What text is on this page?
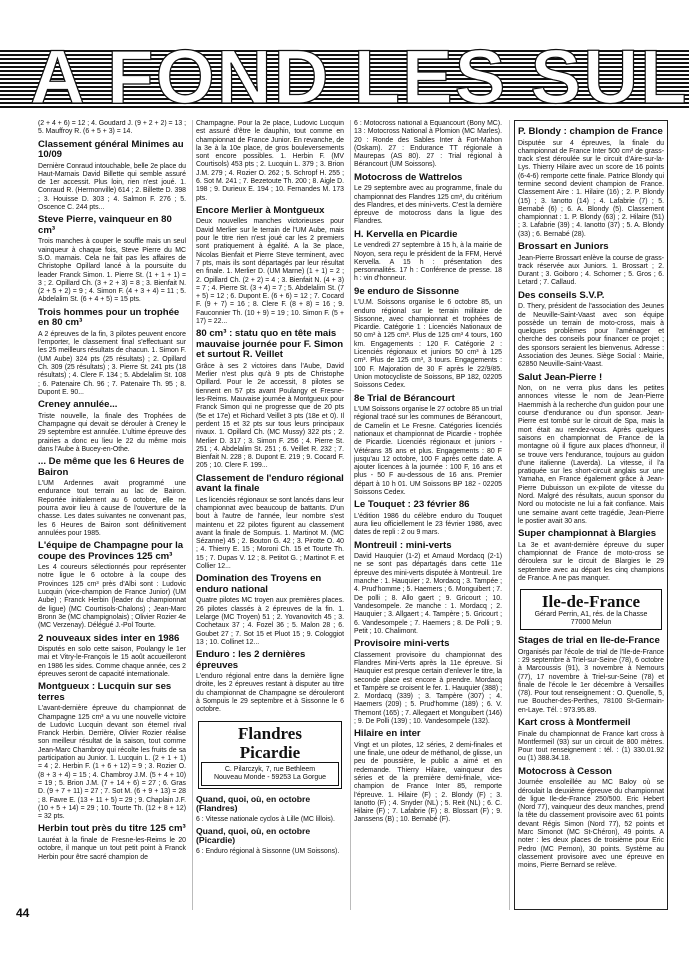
A FOND LES SUL

(2 + 4 + 6) = 12 ; 4. Goudard J. (9 + 2 + 2) = 13 ; 5. Mauffroy R. (6 + 5 + 3) = 14.

Classement général Minimes au 10/09

Dernière Conraud intouchable, belle 2e place du Haut-Marnais David Billette qui semble assuré de 1er accessit. Plus loin, rien n'est joué. 1. Conraud R. (Hermonville) 614 ; 2. Billette D. 398 ; 3. Houisse D. 303 ; 4. Salmon F. 276 ; 5. Oscence C. 244 pts...

Steve Pierre, vainqueur en 80 cm³

Trois manches à couper le souffle mais un seul vainqueur à chaque fois, Steve Pierre du MC S.O. marnais. Cela ne fait pas les affaires de Christophe Opillard lancé à la poursuite du leader Franck Simon. 1. Pierre St. (1 + 1 + 1) = 3 ; 2. Opillard Ch. (3 + 2 + 3) = 8 ; 3. Bienfait N. (2 + 5 + 2) = 9 ; 4. Simon F. (4 + 3 + 4) = 11 ; 5. Abdelalim St. (6 + 4 + 5) = 15 pts.

Trois hommes pour un trophée en 80 cm³

A 2 épreuves de la fin, 3 pilotes peuvent encore l'emporter, le classement final s'effectuant sur les 25 meilleurs résultats de chacun. 1. Simon F. (UM Aube) 324 pts (25 résultats) ; 2. Opillard Ch. 309 (25 résultats) ; 3. Pierre St. 241 pts (18 résultats) ; 4. Clere F. 134 ; 5. Abdelalim St. 108 ; 6. Patenaire Ch. 96 ; 7. Patenaire Th. 95 ; 8. Dupont E. 90...

Creney annulée...

Triste nouvelle, la finale des Trophées de Champagne qui devait se dérouler à Creney le 29 septembre est annulée. L'ultime épreuve des prairies a donc eu lieu le 22 du même mois dans l'Aube à Bucey-en-Othe.

... De même que les 6 Heures de Bairon

L'UM Ardennes avait programmé une endurance tout terrain au lac de Bairon. Reportée initialement au 6 octobre, elle ne pourra avoir lieu à cause de l'ouverture de la chasse. Les dates suivantes ne convenant pas, les 6 Heures de Bairon sont définitivement annulées pour 1985.

L'équipe de Champagne pour la coupe des Provinces 125 cm³

Les 4 coureurs sélectionnés pour représenter notre ligue le 6 octobre à la coupe des Provinces 125 cm³ près d'Albi sont : Ludovic Lucquin (vice-champion de France Junior) (UM Aube) ; Franck Herbin (leader du championnat de ligue) (MC Courtisols-Chalons) ; Jean-Marc Bronn 3e (MC champignolais) ; Olivier Rozier 4e (MC Verzenay). Délégué J.-Pol Tourte.

2 nouveaux sides inter en 1986

Disputés en solo cette saison, Poulangy le 1er mai et Vitry-le-François le 15 août accueilleront en 1986 les sides. Comme chaque année, ces 2 épreuves seront de capacité internationale.

Montgueux : Lucquin sur ses terres

L'avant-dernière épreuve du championnat de Champagne 125 cm³ a vu une nouvelle victoire de Ludovic Lucquin devant son éternel rival Franck Herbin. Derrière, Olivier Rozier réalise son meilleur résultat de la saison, tout comme Jean-Marc Chambroy qui récolte les fruits de sa participation au Junior. 1. Lucquin L. (2 + 1 + 1) = 4 ; 2. Herbin F. (1 + 6 + 12) = 9 ; 3. Rozier O. (8 + 3 + 4) = 15 ; 4. Chambroy J.M. (5 + 4 + 10) = 19 ; 5. Brion J.M. (7 + 14 + 6) = 27 ; 6. Gras D. (9 + 7 + 11) = 27 ; 7. Sot M. (6 + 9 + 13) = 28 ; 8. Favre E. (13 + 11 + 5) = 29 ; 9. Chaplain J.F. (10 + 5 + 14) = 29 ; 10. Tourte Th. (12 + 8 + 12) = 32 pts.

Herbin tout près du titre 125 cm³

Lauréat à la finale de Fresne-les-Reims le 20 octobre, il manque un tout petit point à Franck Herbin pour être sacré champion de

Champagne. Pour la 2e place, Ludovic Lucquin est assuré d'être le dauphin, tout comme en championnat de France Junior. En revanche, de la 3e à la 10e place, de gros bouleversements sont encore possibles. 1. Herbin F. (MV Courtisols) 453 pts ; 2. Lucquin L. 379 ; 3. Brion J.M. 279 ; 4. Rozier O. 262 ; 5. Schropf H. 255 ; 6. Sot M. 241 ; 7. Bezetoute Th. 200 ; 8. Aigle D. 198 ; 9. Durieux E. 194 ; 10. Fernandes M. 173 pts.

Encore Merlier à Montgueux

Deux nouvelles manches victorieuses pour David Merlier sur le terrain de l'UM Aube, mais pour le titre rien n'est joué car les 2 premiers sont pratiquement à égalité. A la 3e place, Nicolas Bienfait et Pierre Steve terminent, avec 7 pts, mais ils sont départagés par leur résultat en finale. 1. Merlier D. (UM Marne) (1 + 1) = 2 ; 2. Opillard Ch. (2 + 2) = 4 ; 3. Bienfait N. (4 + 3) = 7 ; 4. Pierre St. (3 + 4) = 7 ; 5. Abdelalim St. (7 + 5) = 12 ; 6. Dupont E. (6 + 6) = 12 ; 7. Cocard F. (9 + 7) = 16 ; 8. Clere F. (8 + 8) = 16 ; 9. Fauconnier Th. (10 + 9) = 19 ; 10. Simon F. (5 + 17) = 22...

80 cm³ : statu quo en tête mais mauvaise journée pour F. Simon et surtout R. Veillet

Grâce à ses 2 victoires dans l'Aube, David Merlier n'est plus qu'à 9 pts de Christophe Opillard. Pour le 2e accessit, 8 pilotes se tiennent en 57 pts avant Poulangy et Fresne-les-Reims. Mauvaise journée à Montgueux pour Franck Simon qui ne progresse que de 20 pts (5e et 17e) et Richard Veillet 3 pts (18e et 0). Il perdent 15 et 32 pts sur tous leurs principaux rivaux. 1. Opillard Ch. (MC Mussy) 322 pts ; 2. Merlier D. 317 ; 3. Simon F. 256 ; 4. Pierre St. 251 ; 4. Abdelalim St. 251 ; 6. Veillet R. 232 ; 7. Bienfait N. 228 ; 8. Dupont E. 219 ; 9. Cocard F. 205 ; 10. Clere F. 199...

Classement de l'enduro régional avant la finale

Les licenciés régionaux se sont lancés dans leur championnat avec beaucoup de battants. D'un bout à l'autre de l'année, leur nombre s'est maintenu et 22 pilotes figurent au classement avant la finale de Sompuis. 1. Martinot M. (MC Sézanne) 45 ; 2. Bouton G. 42 ; 3. Pirotte O. 40 ; 4. Thierry E. 15 ; Moroni Ch. 15 et Tourte Th. 15 ; 7. Dupas V. 12 ; 8. Petitot G. ; Martinot F. et Collier 12...

Domination des Troyens en enduro national

Quatre pilotes MC troyen aux premières places. 26 pilotes classés à 2 épreuves de la fin. 1. Lelarge (MC Troyen) 51 ; 2. Yovanovitch 45 ; 3. Cochetaux 37 ; 4. Fozel 36 ; 5. Malon 28 ; 6. Goubet 27 ; 7. Sot 15 et Pluot 15 ; 9. Cologgiot 13 ; 10. Collinet 12...

Enduro : les 2 dernières épreuves

L'enduro régional entre dans la dernière ligne droite, les 2 épreuves restant à disputer au titre du championnat de Champagne se dérouleront à Sompuis le 29 septembre et à Sissonne le 6 octobre.

Flandres
Picardie
C. Pilarczyk, 7, rue Bethleem
Nouveau Monde - 59253 La Gorgue
Quand, quoi, où, en octobre (Flandres)

6 : Vitesse nationale cyclos à Lille (MC lillois).

Quand, quoi, où, en octobre (Picardie)

6 : Enduro régional à Sissonne (UM Soissons).

6 : Motocross national à Equancourt (Bony MC). 13 : Motocross National à Plomion (MC Marles). 20 : Ronde des Sables Inter à Fort-Mahon (Oskam). 27 : Endurance TT régionale à Maurepas (AS 80). 27 : Trial régional à Bérancourt (UM Soissons).

Motocross de Wattrelos

Le 29 septembre avec au programme, finale du championnat des Flandres 125 cm³, du critérium des Flandres, et des mini-verts. C'est la dernière épreuve de motocross dans la ligue des Flandres.

H. Kervella en Picardie

Le vendredi 27 septembre à 15 h, à la mairie de Noyon, sera reçu le président de la FFM, Hervé Kervella. A 15 h : présentation des personnalités. 17 h : Conférence de presse. 18 h : vin d'honneur.

9e enduro de Sissonne

L'U.M. Soissons organise le 6 octobre 85, un enduro régional sur le terrain militaire de Sissonne, avec championnat et trophées de Picardie. Catégorie 1 : Licenciés Nationaux de 50 cm³ à 125 cm³. Plus de 125 cm³ 4 tours, 160 km. Engagements : 120 F. Catégorie 2 : Licenciés régionaux et juniors 50 cm³ à 125 cm³. Plus de 125 cm³, 3 tours. Engagements : 100 F. Majoration de 30 F après le 22/9/85. Union motocycliste de Soissons, BP 182, 02205 Soissons Cedex.

8e Trial de Bérancourt

L'UM Soissons organise le 27 octobre 85 un trial régional tracé sur les communes de Bérancourt, de Camelin et Le Fresne. Catégories licenciés nationaux et championnat de Picardie - trophée de Picardie. Licenciés régionaux et juniors - Vétérans 35 ans et plus. Engagements : 80 F jusqu'au 12 octobre, 100 F après cette date. A ajouter licences à la journée : 100 F, 16 ans et plus - 50 F au-dessous de 16 ans. Premier départ à 10 h 01. UM Soissons BP 182 - 02205 Soissons Cedex.

Le Touquet : 23 février 86

L'édition 1986 du célèbre enduro du Touquet aura lieu officiellement le 23 février 1986, avec dates de repli : 2 ou 9 mars.

Montreuil : mini-verts

David Hauquier (1-2) et Arnaud Mordacq (2-1) ne se sont pas départagés dans cette 11e épreuve des mini-verts disputée à Montreuil. 1re manche : 1. Hauquier ; 2. Mordacq ; 3. Tampée ; 4. Prud'homme ; 5. Haemers ; 6. Monguibert ; 7. De polli ; 8. Allo gaert ; 9. Gricourt ; 10. Vandesompele. 2e manche : 1. Mordacq ; 2. Hauquier ; 3. Allgaert ; 4. Tampère ; 5. Gricourt ; 6. Vandesompele ; 7. Haemers ; 8. De Polli ; 9. Petit ; 10. Chalimont.

Provisoire mini-verts

Classement provisoire du championnat des Flandres Mini-Verts après la 11e épreuve. Si Hauquier est presque certain d'enlever le titre, la seconde place est encore à prendre. Mordacq et Tampère se croisent le fer. 1. Hauquier (388) ; 2. Mordacq (339) ; 3. Tampère (307) ; 4. Haemers (209) ; 5. Prud'homme (189) ; 6. V. Themont (165) ; 7. Allegaert et Monguibert (146) ; 9. De Polli (139) ; 10. Vandesompele (132).

Hilaire en inter

Vingt et un pilotes, 12 séries, 2 demi-finales et une finale, une odeur de méthanol, de glisse, un peu de poussière, le public a aimé et en redemande. Thierry Hilaire, vainqueur des séries et de la première demi-finale, vice-champion de France Inter 85, remporte l'épreuve. 1. Hilaire (F) ; 2. Blondy (F) ; 3. Ianotto (F) ; 4. Snyder (NL) ; 5. Reit (NL) ; 6. C. Hilaire (F) ; 7. Lafabrie (F) ; 8. Blossart (F) ; 9. Janssens (B) ; 10. Bernabé (F).

P. Blondy : champion de France

Disputée sur 4 épreuves, la finale du championnat de France Inter 500 cm³ de grass-track s'est déroulée sur le circuit d'Aire-sur-la-Lys. Thierry Hilaire avec un score de 16 points (6-4-6) remporte cette finale. Patrice Blondy qui termine second devient champion de France. Classement Aire : 1. Hilaire (16) ; 2. P. Blondy (15) ; 3. Ianotto (14) ; 4. Lafabrie (7) ; 5. Bernabé (6) ; 6. A. Blondy (5). Classement championnat : 1. P. Blondy (63) ; 2. Hilaire (51) ; 3. Lafabrie (39) ; 4. Ianotto (37) ; 5. A. Blondy (33) ; 6. Bernabé (28).

Brossart en Juniors

Jean-Pierre Brossart enlève la course de grass-track réservée aux Juniors. 1. Brossart ; 2. Durant ; 3. Goiboro ; 4. Schorner ; 5. Gros ; 6. Letard ; 7. Callaud.

Des conseils S.V.P.

D. Thery, président de l'association des Jeunes de Neuville-Saint-Vaast avec son équipe possède un terrain de moto-cross, mais à quelques problèmes pour l'aménager et cherche des conseils pour financer ce projet ; des sponsors seraient les bienvenus. Adresse : Association des Jeunes. Siège Social : Mairie, 62850 Neuville-Saint-Vaast.

Salut Jean-Pierre !

Non, on ne verra plus dans les petites annonces vitesse le nom de Jean-Pierre Haemmish à la recherche d'un guidon pour une course d'endurance ou d'un sponsor. Jean-Pierre est tombé sur le circuit de Spa, mais la mort était au rendez-vous. Après quelques saisons en championnat de France de la montagne où il figure aux places d'honneur, il se trouve vers l'endurance, toujours au guidon d'une italienne (Laverda). La vitesse, il l'a pratiquée sur les short-circuit anglais sur une Yamaha, en France également grâce à Jean-Pierre Dubuisson un ex-pilote de vitesse du Nord. Malgré des résultats, aucun sponsor du Nord ou motociste ne lui a fait confiance. Mais une semaine avant cette tragédie, Jean-Pierre le postier avait 30 ans.

Super championnat à Blargies

La 3e et avant-dernière épreuve du super championnat de France de moto-cross se déroulera sur le circuit de Blargies le 29 septembre avec au départ les cinq champions de France. A ne pas manquer.

Ile-de-France
Gérard Perrin, A1, rés. de la Chasse
77000 Melun
Stages de trial en Ile-de-France

Organisés par l'école de trial de l'Ile-de-France : 29 septembre à Triel-sur-Seine (78), 6 octobre à Marcoussis (91), 3 novembre à Nemours (77), 17 novembre à Triel-sur-Seine (78) et finale de l'école le 1er décembre à Versailles (78). Pour tout renseignement : O. Quenolle, 5, rue Boucher-des-Perthes, 78100 St-Germain-en-Laye. Tél. : 973.95.89.

Kart cross à Montfermeil

Finale du championnat de France kart cross à Montfermeil (93) sur un circuit de 800 mètres. Pour tout renseignement : tél. : (1) 330.01.92 ou (1) 388.34.18.

Motocross à Cesson

Journée ensoleillée au MC Baloy où se déroulait la deuxième épreuve du championnat de ligue Ile-de-France 250/500. Eric Hebert (Nord 77), vainqueur des deux manches, prend la tête du classement provisoire avec 61 points devant Régis Simon (Nord 77), 52 points et Marc Simonot (MC St-Chéron), 49 points. A noter : les deux places de troisième pour Eric Pedro (MC Pernon), 30 points. Système au classement provisoire avec une épreuve en moins, Pierre Bernard se relève.

44
